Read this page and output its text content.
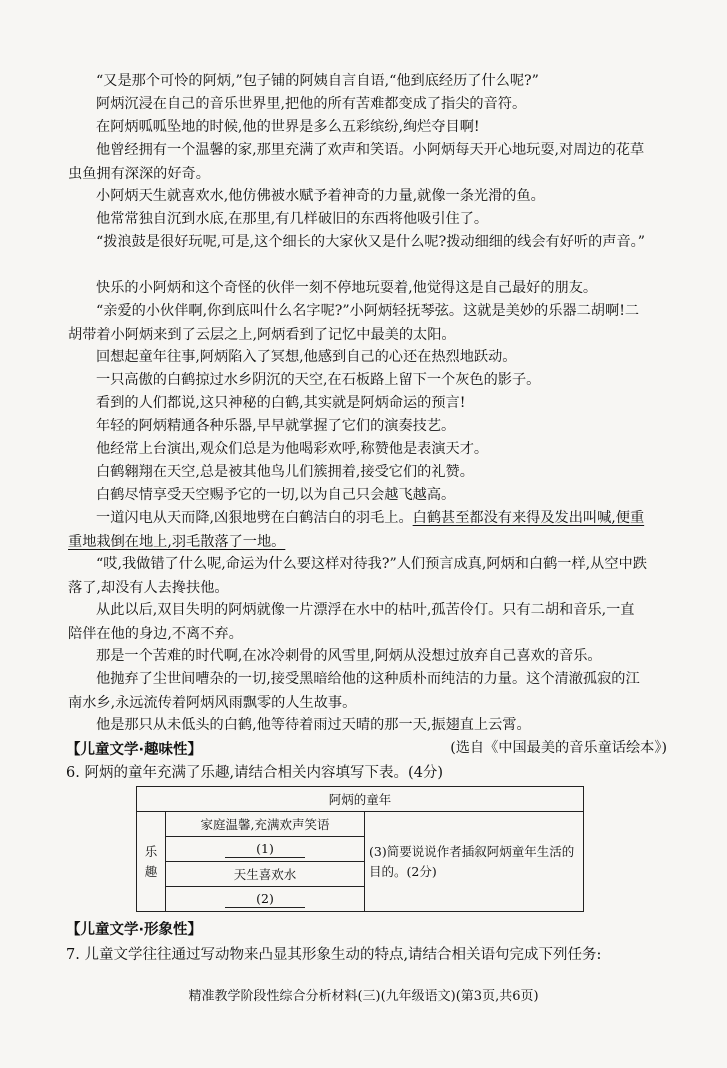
“又是那个可怜的阿炳,”包子铺的阿姨自言自语,“他到底经历了什么呢?”
阿炳沉浸在自己的音乐世界里,把他的所有苦难都变成了指尖的音符。
在阿炳呱呱坠地的时候,他的世界是多么五彩缤纷,绚烂夺目啊!
他曾经拥有一个温馨的家,那里充满了欢声和笑语。小阿炳每天开心地玩耍,对周边的花草虫鱼拥有深深的好奇。
小阿炳天生就喜欢水,他仿佛被水赋予着神奇的力量,就像一条光滑的鱼。
他常常独自沉到水底,在那里,有几样破旧的东西将他吸引住了。
“拨浪鼓是很好玩呢,可是,这个细长的大家伙又是什么呢?拨动细细的线会有好听的声音。”
快乐的小阿炳和这个奇怪的伙伴一刻不停地玩耍着,他觉得这是自己最好的朋友。
“亲爱的小伙伴啊,你到底叫什么名字呢?”小阿炳轻抚琴弦。这就是美妙的乐器二胡啊!二胡带着小阿炳来到了云层之上,阿炳看到了记忆中最美的太阳。
回想起童年往事,阿炳陷入了冥想,他感到自己的心还在热烈地跃动。
一只高傲的白鹤掠过水乡阴沉的天空,在石板路上留下一个灰色的影子。
看到的人们都说,这只神秘的白鹤,其实就是阿炳命运的预言!
年轻的阿炳精通各种乐器,早早就掌握了它们的演奏技艺。
他经常上台演出,观众们总是为他喝彩欢呼,称赞他是表演天才。
白鹤翱翔在天空,总是被其他鸟儿们簇拥着,接受它们的礼赞。
白鹤尽情享受天空赐予它的一切,以为自己只会越飞越高。
一道闪电从天而降,凶狠地劈在白鹤洁白的羽毛上。白鹤甚至都没有来得及发出叫喊,便重重地栽倒在地上,羽毛散落了一地。
“哎,我做错了什么呢,命运为什么要这样对待我?”人们预言成真,阿炳和白鹤一样,从空中跌落了,却没有人去搀扶他。
从此以后,双目失明的阿炳就像一片漂浮在水中的枯叶,孤苦伶仃。只有二胡和音乐,一直陪伴在他的身边,不离不弃。
那是一个苦难的时代啊,在冰冷刺骨的风雪里,阿炳从没想过放弃自己喜欢的音乐。
他抛弃了尘世间嘈杂的一切,接受黑暗给他的这种质朴而纯洁的力量。这个清澈孤寂的江南水乡,永远流传着阿炳风雨飘零的人生故事。
他是那只从未低头的白鹤,他等待着雨过天晴的那一天,振翅直上云霄。
(选自《中国最美的音乐童话绘本》)
【儿童文学·趣味性】
6. 阿炳的童年充满了乐趣,请结合相关内容填写下表。(4分)
阿炳的童年
乐趣	家庭温馨,充满欢声笑语	(3)简要说说作者插叙阿炳童年生活的目的。(2分)
(1)
天生喜欢水
(2)
【儿童文学·形象性】
7. 儿童文学往往通过写动物来凸显其形象生动的特点,请结合相关语句完成下列任务:
精准教学阶段性综合分析材料(三)(九年级语文)(第3页,共6页)
